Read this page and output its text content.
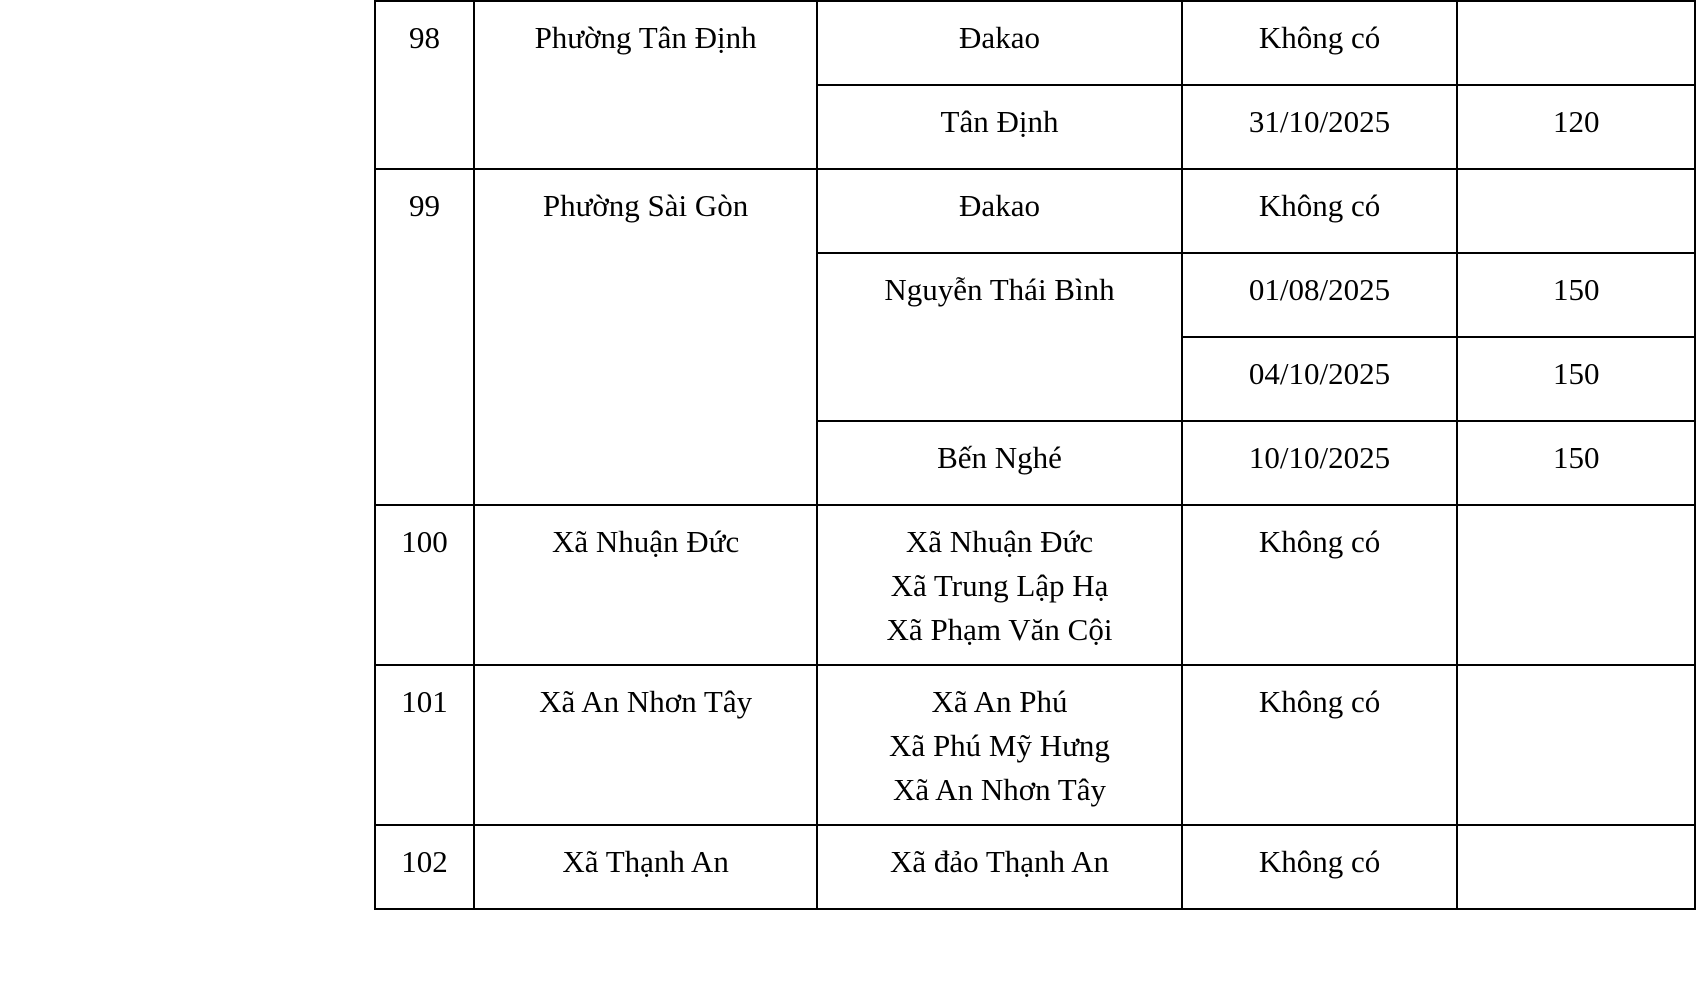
98	Phường Tân Định	Đakao	Không có	
		Tân Định	31/10/2025	120
99	Phường Sài Gòn	Đakao	Không có	
		Nguyễn Thái Bình	01/08/2025	150
			04/10/2025	150
		Bến Nghé	10/10/2025	150
100	Xã Nhuận Đức	Xã Nhuận Đức
Xã Trung Lập Hạ
Xã Phạm Văn Cội	Không có	
101	Xã An Nhơn Tây	Xã An Phú
Xã Phú Mỹ Hưng
Xã An Nhơn Tây	Không có	
102	Xã Thạnh An	Xã đảo Thạnh An	Không có	
